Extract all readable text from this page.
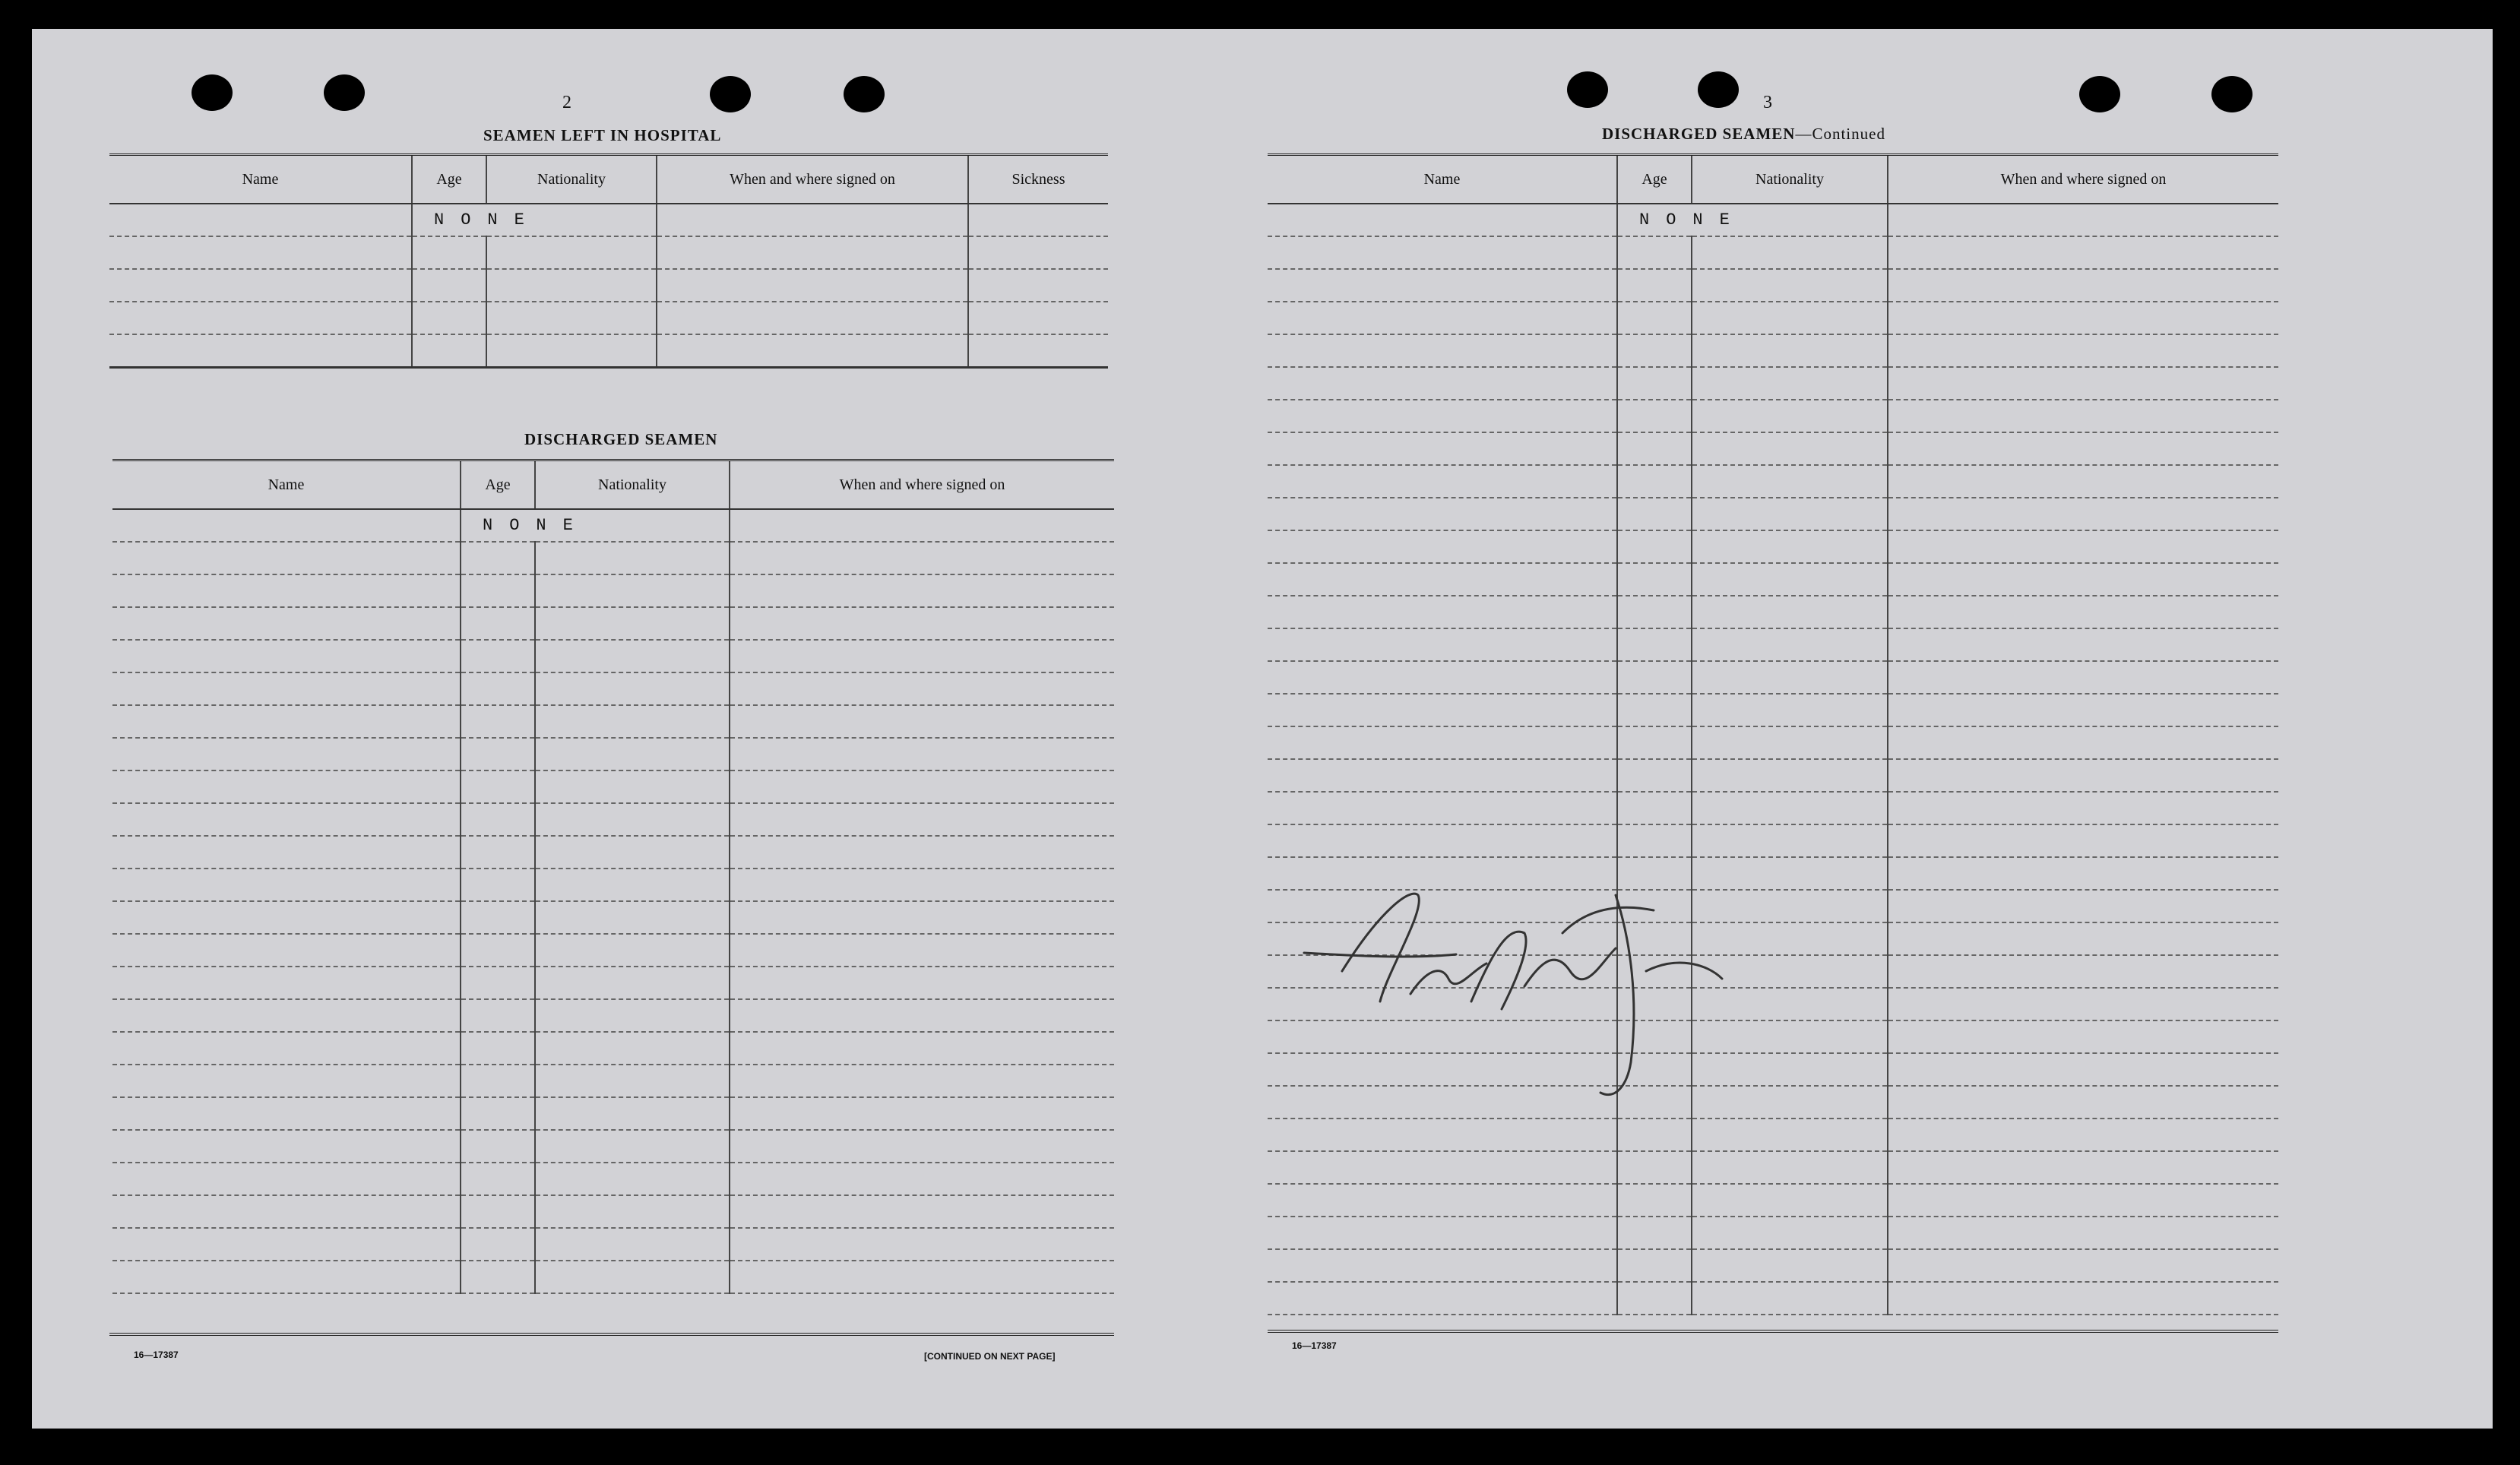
2
SEAMEN LEFT IN HOSPITAL
Name	Age	Nationality	When and where signed on	Sickness
	NONE			

DISCHARGED SEAMEN
Name	Age	Nationality	When and where signed on
	NONE		

16—17387	[CONTINUED ON NEXT PAGE]
3
DISCHARGED SEAMEN—Continued
Name	Age	Nationality	When and where signed on
	NONE		

16—17387
